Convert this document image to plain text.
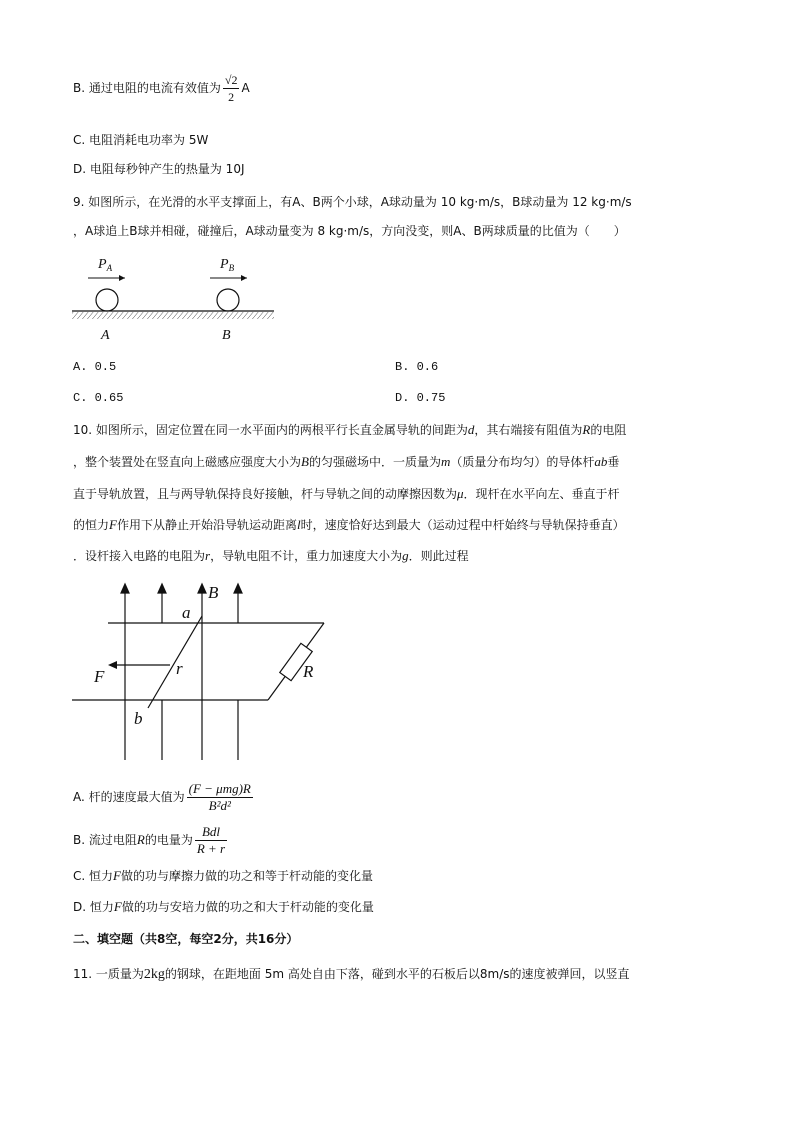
B. 通过电阻的电流有效值为 $\frac{√2}{2}$ A
C. 电阻消耗电功率为 5W
D. 电阻每秒钟产生的热量为 10J
9. 如图所示，在光滑的水平支撑面上，有A、B两个小球，A球动量为 10 kg·m/s，B球动量为 12 kg·m/s
，A球追上B球并相碰，碰撞后，A球动量变为 8 kg·m/s，方向没变，则A、B两球质量的比值为（　　）
$P_A$	$P_B$
A	B
A. 0.5	B. 0.6
C. 0.65	D. 0.75
10. 如图所示，固定位置在同一水平面内的两根平行长直金属导轨的间距为d，其右端接有阻值为R的电阻
，整个装置处在竖直向上磁感应强度大小为B的匀强磁场中．一质量为m（质量分布均匀）的导体杆ab垂
直于导轨放置，且与两导轨保持良好接触，杆与导轨之间的动摩擦因数为μ．现杆在水平向左、垂直于杆
的恒力F作用下从静止开始沿导轨运动距离l时，速度恰好达到最大（运动过程中杆始终与导轨保持垂直）
．设杆接入电路的电阻为r，导轨电阻不计，重力加速度大小为g．则此过程
B
R
a
b
r
F
A. 杆的速度最大值为 $\frac{\text{(F − μmg)R}}{\text{B²d²}}$
B. 流过电阻R的电量为 $\frac{\text{Bdl}}{R + r}$
C. 恒力F做的功与摩擦力做的功之和等于杆动能的变化量
D. 恒力F做的功与安培力做的功之和大于杆动能的变化量
二、填空题（共8空，每空2分，共16分）
11. 一质量为2kg的钢球，在距地面 5m 高处自由下落，碰到水平的石板后以8m/s的速度被弹回，以竖直
